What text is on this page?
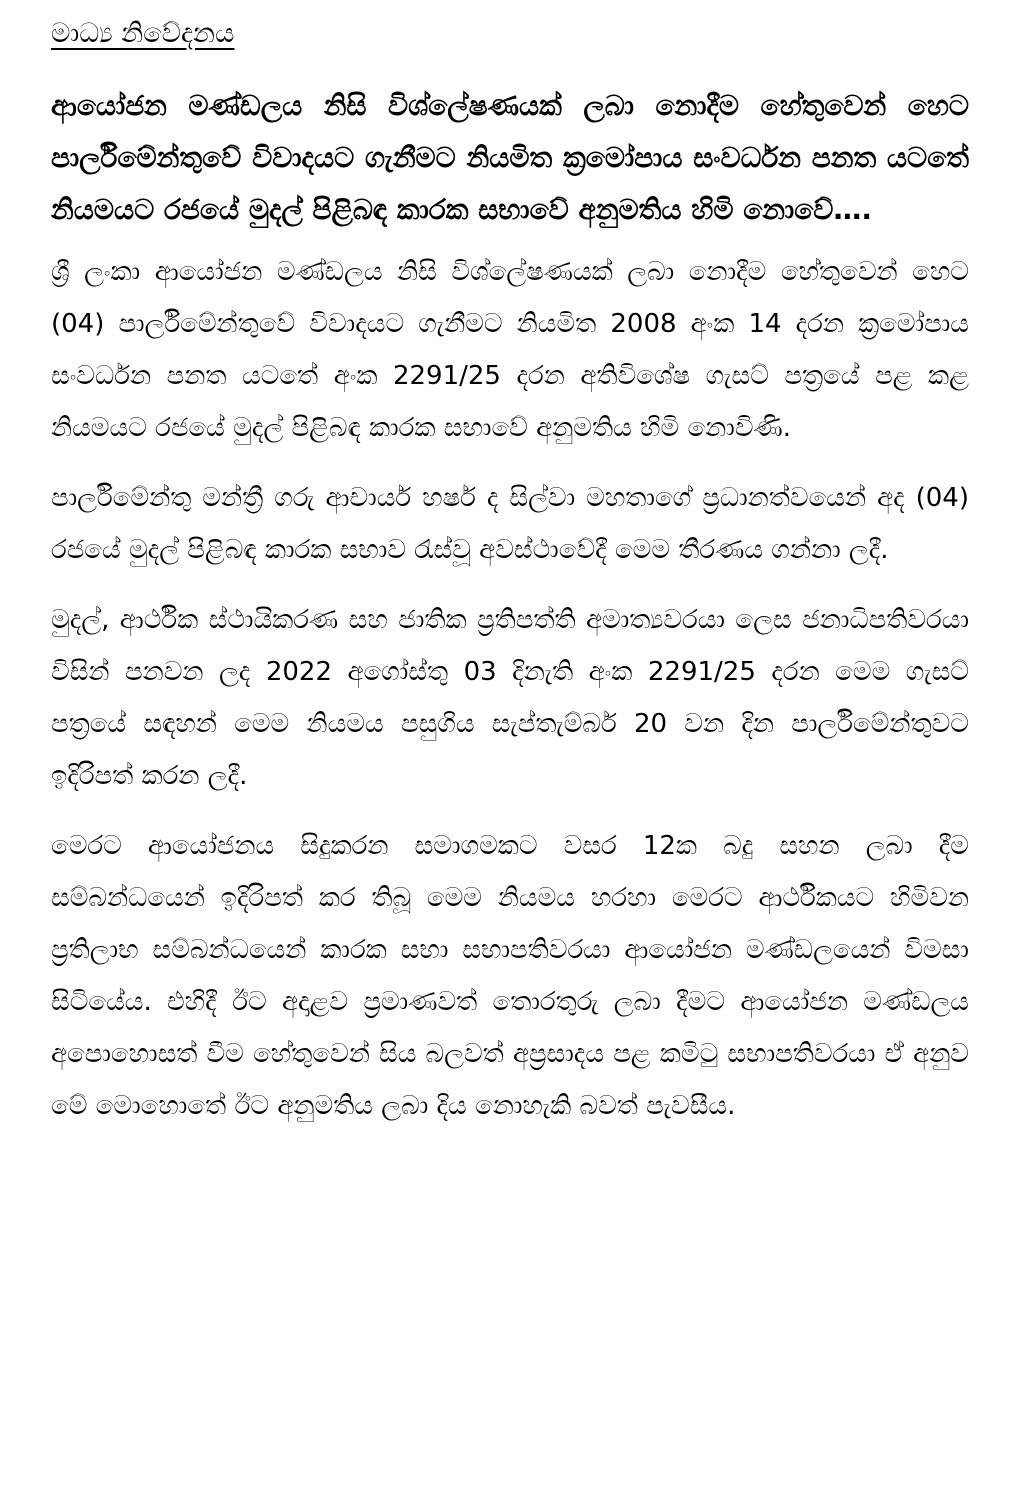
මාධ්‍ය නිවේදනය
ආයෝජන මණ්ඩලය නිසි විශ්ලේෂණයක් ලබා නොදීම හේතුවෙන් හෙට පාර්ලිමේන්තුවේ විවාදයට ගැනීමට නියමිත ක්‍රමෝපාය සංවර්ධන පනත යටතේ නියමයට රජයේ මුදල් පිළිබඳ කාරක සභාවේ අනුමතිය හිමි නොවේ….
ශ්‍රී ලංකා ආයෝජන මණ්ඩලය නිසි විශ්ලේෂණයක් ලබා නොදීම හේතුවෙන් හෙට (04) පාර්ලිමේන්තුවේ විවාදයට ගැනීමට නියමිත 2008 අංක 14 දරන ක්‍රමෝපාය සංවර්ධන පනත යටතේ අංක 2291/25 දරන අතිවිශේෂ ගැසට් පත්‍රයේ පළ කළ නියමයට රජයේ මුදල් පිළිබඳ කාරක සභාවේ අනුමතිය හිමි නොවිණි.
පාර්ලිමේන්තු මන්ත්‍රී ගරු ආචාර්ය හර්ෂ ද සිල්වා මහතාගේ ප්‍රධානත්වයෙන් අද (04) රජයේ මුදල් පිළිබඳ කාරක සභාව රැස්වූ අවස්ථාවේදී මෙම තීරණය ගන්නා ලදී.
මුදල්, ආර්ථික ස්ථායිකරණ සහ ජාතික ප්‍රතිපත්ති අමාත්‍යවරයා ලෙස ජනාධිපතිවරයා විසින් පනවන ලද 2022 අගෝස්තු 03 දිනැති අංක 2291/25 දරන මෙම ගැසට් පත්‍රයේ සඳහන් මෙම නියමය පසුගිය සැප්තැම්බර් 20 වන දින පාර්ලිමේන්තුවට ඉදිරිපත් කරන ලදී.
මෙරට ආයෝජනය සිදුකරන සමාගමකට වසර 12ක බදු සහන ලබා දීම සම්බන්ධයෙන් ඉදිරිපත් කර තිබූ මෙම නියමය හරහා මෙරට ආර්ථිකයට හිමිවන ප්‍රතිලාභ සම්බන්ධයෙන් කාරක සභා සභාපතිවරයා ආයෝජන මණ්ඩලයෙන් විමසා සිටියේය. එහිදී ඊට අදාළව ප්‍රමාණවත් තොරතුරු ලබා දීමට ආයෝජන මණ්ඩලය අපොහොසත් වීම හේතුවෙන් සිය බලවත් අප්‍රසාදය පළ කමිටු සභාපතිවරයා ඒ අනුව මේ මොහොතේ ඊට අනුමතිය ලබා දිය නොහැකි බවත් පැවසීය.
